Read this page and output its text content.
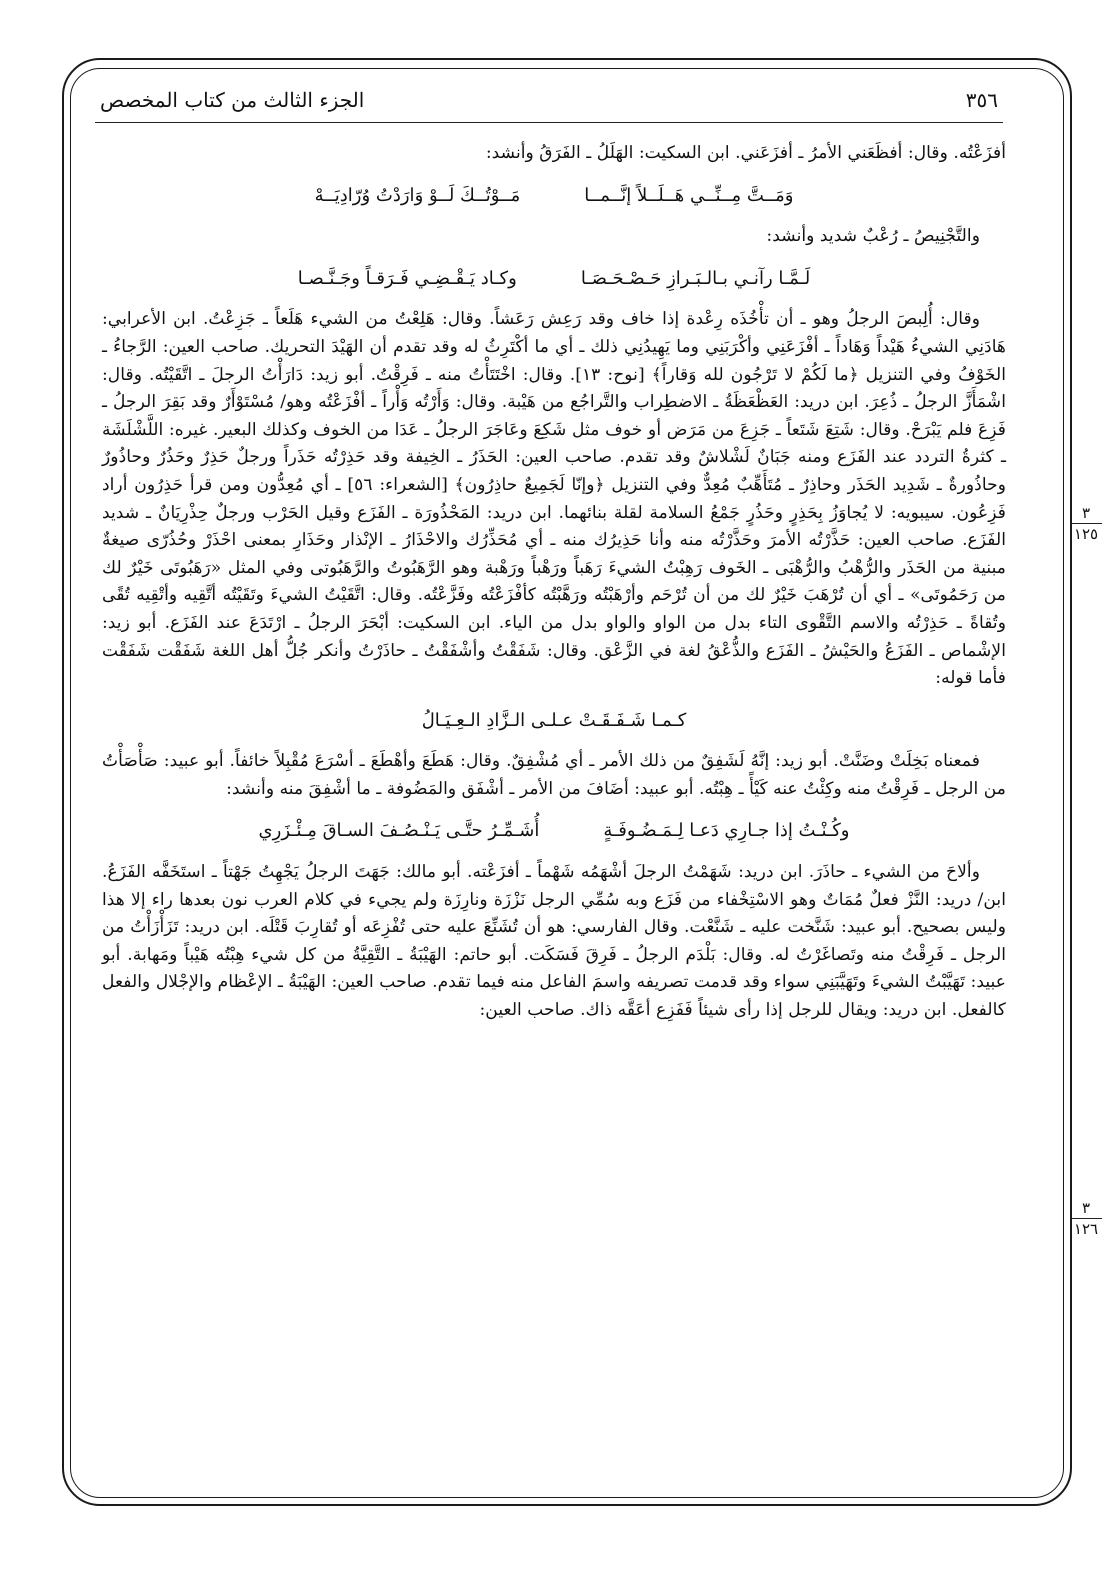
٣٥٦
الجزء الثالث من كتاب المخصص
٣
١٢٥
٣
١٢٦

أفزَعْتُه. وقال: أفظَعَني الأمرُ ـ أفزَعَني. ابن السكيت: الهَلَلُ ـ الفَرَقُ وأنشد:

وَمَــتَّ مِــنِّــي هَــلَــلاً إنَّــمــا
مَــوْتُــكَ لَــوْ وَارَدْتُ وُرّادِيَــهْ

والتَّجْنِيصُ ـ رُعْبٌ شديد وأنشد:

لَـمَّـا رآنـي بـالـبَـرازِ حَـصْـحَـصَـا
وكـاد يَـقْـضِـي فَـرَقـاً وجَـنَّـصـا

وقال: أُلِبصَ الرجلُ وهو ـ أن تأْخُذَه رِعْدة إذا خاف وقد رَعِش رَعَشاً. وقال: هَلِعْتُ من الشيء هَلَعاً ـ جَزِعْتُ. ابن الأعرابي: هَادَنِي الشيءُ هَيْداً وَهَاداً ـ أفْزَعَنِي وأكْرَبَنِي وما يَهِيدُنِي ذلك ـ أي ما أكْتَرِثُ له وقد تقدم أن الهَيْدَ التحريك. صاحب العين: الرَّجاءُ ـ الخَوْفُ وفي التنزيل ﴿ما لَكُمْ لا تَرْجُون لله وَقاراً﴾ [نوح: ١٣]. وقال: اخْتَتَأْتُ منه ـ فَرِقْتُ. أبو زيد: دَارَأْتُ الرجلَ ـ اتَّقَيْتُه. وقال: اشْمَأَزَّ الرجلُ ـ ذُعِرَ. ابن دريد: العَظْعَظَةُ ـ الاضطِراب والتَّراجُع من هَيْبة. وقال: وَأَرْتُه وَأْراً ـ أفْزَعْتُه وهو/ مُسْتَوْأَرٌ وقد بَقِرَ الرجلُ ـ فَزِعَ فلم يَبْرَحْ. وقال: شَتِعَ شَتَعاً ـ جَزِعَ من مَرَض أو خوف مثل شَكِعَ وعَاجَرَ الرجلُ ـ عَدَا من الخوف وكذلك البعير. غيره: اللَّشْلَشَة ـ كثرةُ التردد عند الفَزَع ومنه جَبَانٌ لَشْلاشٌ وقد تقدم. صاحب العين: الحَذَرُ ـ الخِيفة وقد حَذِرْتُه حَذَراً ورجلٌ حَذِرٌ وحَذُرٌ وحاذُورٌ وحاذُورةٌ ـ شَدِيد الحَذَر وحاذِرٌ ـ مُتَأَهِّبٌ مُعِدٌّ وفي التنزيل ﴿وإنّا لَجَمِيعٌ حاذِرُون﴾ [الشعراء: ٥٦] ـ أي مُعِدُّون ومن قرأ حَذِرُون أراد فَزِعُون. سيبويه: لا يُجاوَزُ بِحَذِرٍ وحَذُرٍ جَمْعُ السلامة لقلة بنائهما. ابن دريد: المَحْذُورَة ـ الفَزَع وقيل الحَرْب ورجلٌ حِذْرِيَانٌ ـ شديد الفَزَع. صاحب العين: حَذَّرْتُه الأمرَ وحَذَّرْتُه منه وأنا حَذِيرُك منه ـ أي مُحَذِّرُك والاحْذَارُ ـ الإنْذار وحَذَارِ بمعنى احْذَرْ وحُذُرّى صيغةٌ مبنية من الحَذَر والرُّهْبُ والرُّهْبَى ـ الخَوف رَهِبْتُ الشيءَ رَهَباً ورَهْباً ورَهْبة وهو الرَّهَبُوتُ والرَّهَبُوتى وفي المثل «رَهَبُوتَى خَيْرٌ لك من رَحَمُوتَى» ـ أي أن تُرْهَبَ خَيْرٌ لك من أن تُرْحَم وأرْهَبْتُه ورَهَّبْتُه كأفْزَعْتُه وفَزَّعْتُه. وقال: اتَّقَيْتُ الشيءَ وتَقَيْتُه أتَّقِيه وأتْقِيه تُقًى وتُقاةً ـ حَذِرْتُه والاسم التَّقْوى التاء بدل من الواو والواو بدل من الياء. ابن السكيت: أبْحَرَ الرجلُ ـ ارْتَدَعَ عند الفَزَع. أبو زيد: الإشْماص ـ الفَزَعُ والحَيْشُ ـ الفَزَع والذُّعْقُ لغة في الزَّعْق. وقال: شَفَقْتُ وأشْفَقْتُ ـ حاذَرْتُ وأنكر جُلُّ أهل اللغة شَفَقْت شَفَقْت فأما قوله:

كـمـا شَـفَـقَـتْ عـلـى الـزَّادِ الـعِـيَـالُ

فمعناه بَخِلَتْ وضَنَّتْ. أبو زيد: إنَّهُ لَشَفِقٌ من ذلك الأمر ـ أي مُشْفِقٌ. وقال: هَطَعَ وأهْطَعَ ـ أسْرَعَ مُقْبِلاً خائفاً. أبو عبيد: صَأْصَأْتُ من الرجل ـ فَرِقْتُ منه وكِئْتُ عنه كَيْأً ـ هِبْتُه. أبو عبيد: أضَافَ من الأمر ـ أشْفَق والمَضُوفة ـ ما أشْفِقَ منه وأنشد:

وكُـنْـتُ إذا جـارِي دَعـا لِـمَـضُـوفَـةٍ
أُشَـمِّـرُ حتَّـى يَـنْـصُـفَ السـاقَ مِـئْـزَرِي

وألاحَ من الشيء ـ حاذَرَ. ابن دريد: شَهَمْتُ الرجلَ أشْهَمُه شَهْماً ـ أفزَعْته. أبو مالك: جَهَتَ الرجلُ يَجْهِتُ جَهْتاً ـ استَخَفَّه الفَزَعُ. ابن/ دريد: النَّزْ فعلٌ مُمَاتٌ وهو الاسْتِخْفاء من فَزَع وبه سُمِّي الرجل نَزْزَة ونارِزَة ولم يجيء في كلام العرب نون بعدها راء إلا هذا وليس بصحيح. أبو عبيد: شَنَّخت عليه ـ شَنَّعْت. وقال الفارسي: هو أن تُشَنِّعَ عليه حتى تُفْزِعَه أو تُقارِبَ قَتْلَه. ابن دريد: تَزَأْزَأْتُ من الرجل ـ فَرِقْتُ منه وتَصاغَرْتُ له. وقال: بَلْدَم الرجلُ ـ فَرِقَ فَسَكَت. أبو حاتم: الهَيْبَةُ ـ التَّقِيَّةُ من كل شيء هِبْتُه هَيْباً ومَهابة. أبو عبيد: تَهَيَّبْتُ الشيءَ وتَهَيَّبَنِي سواء وقد قدمت تصريفه واسمَ الفاعل منه فيما تقدم. صاحب العين: الهَيْبَةُ ـ الإعْظام والإجْلال والفعل كالفعل. ابن دريد: ويقال للرجل إذا رأى شيئاً فَفَزِع أعَقَّه ذاك. صاحب العين:
